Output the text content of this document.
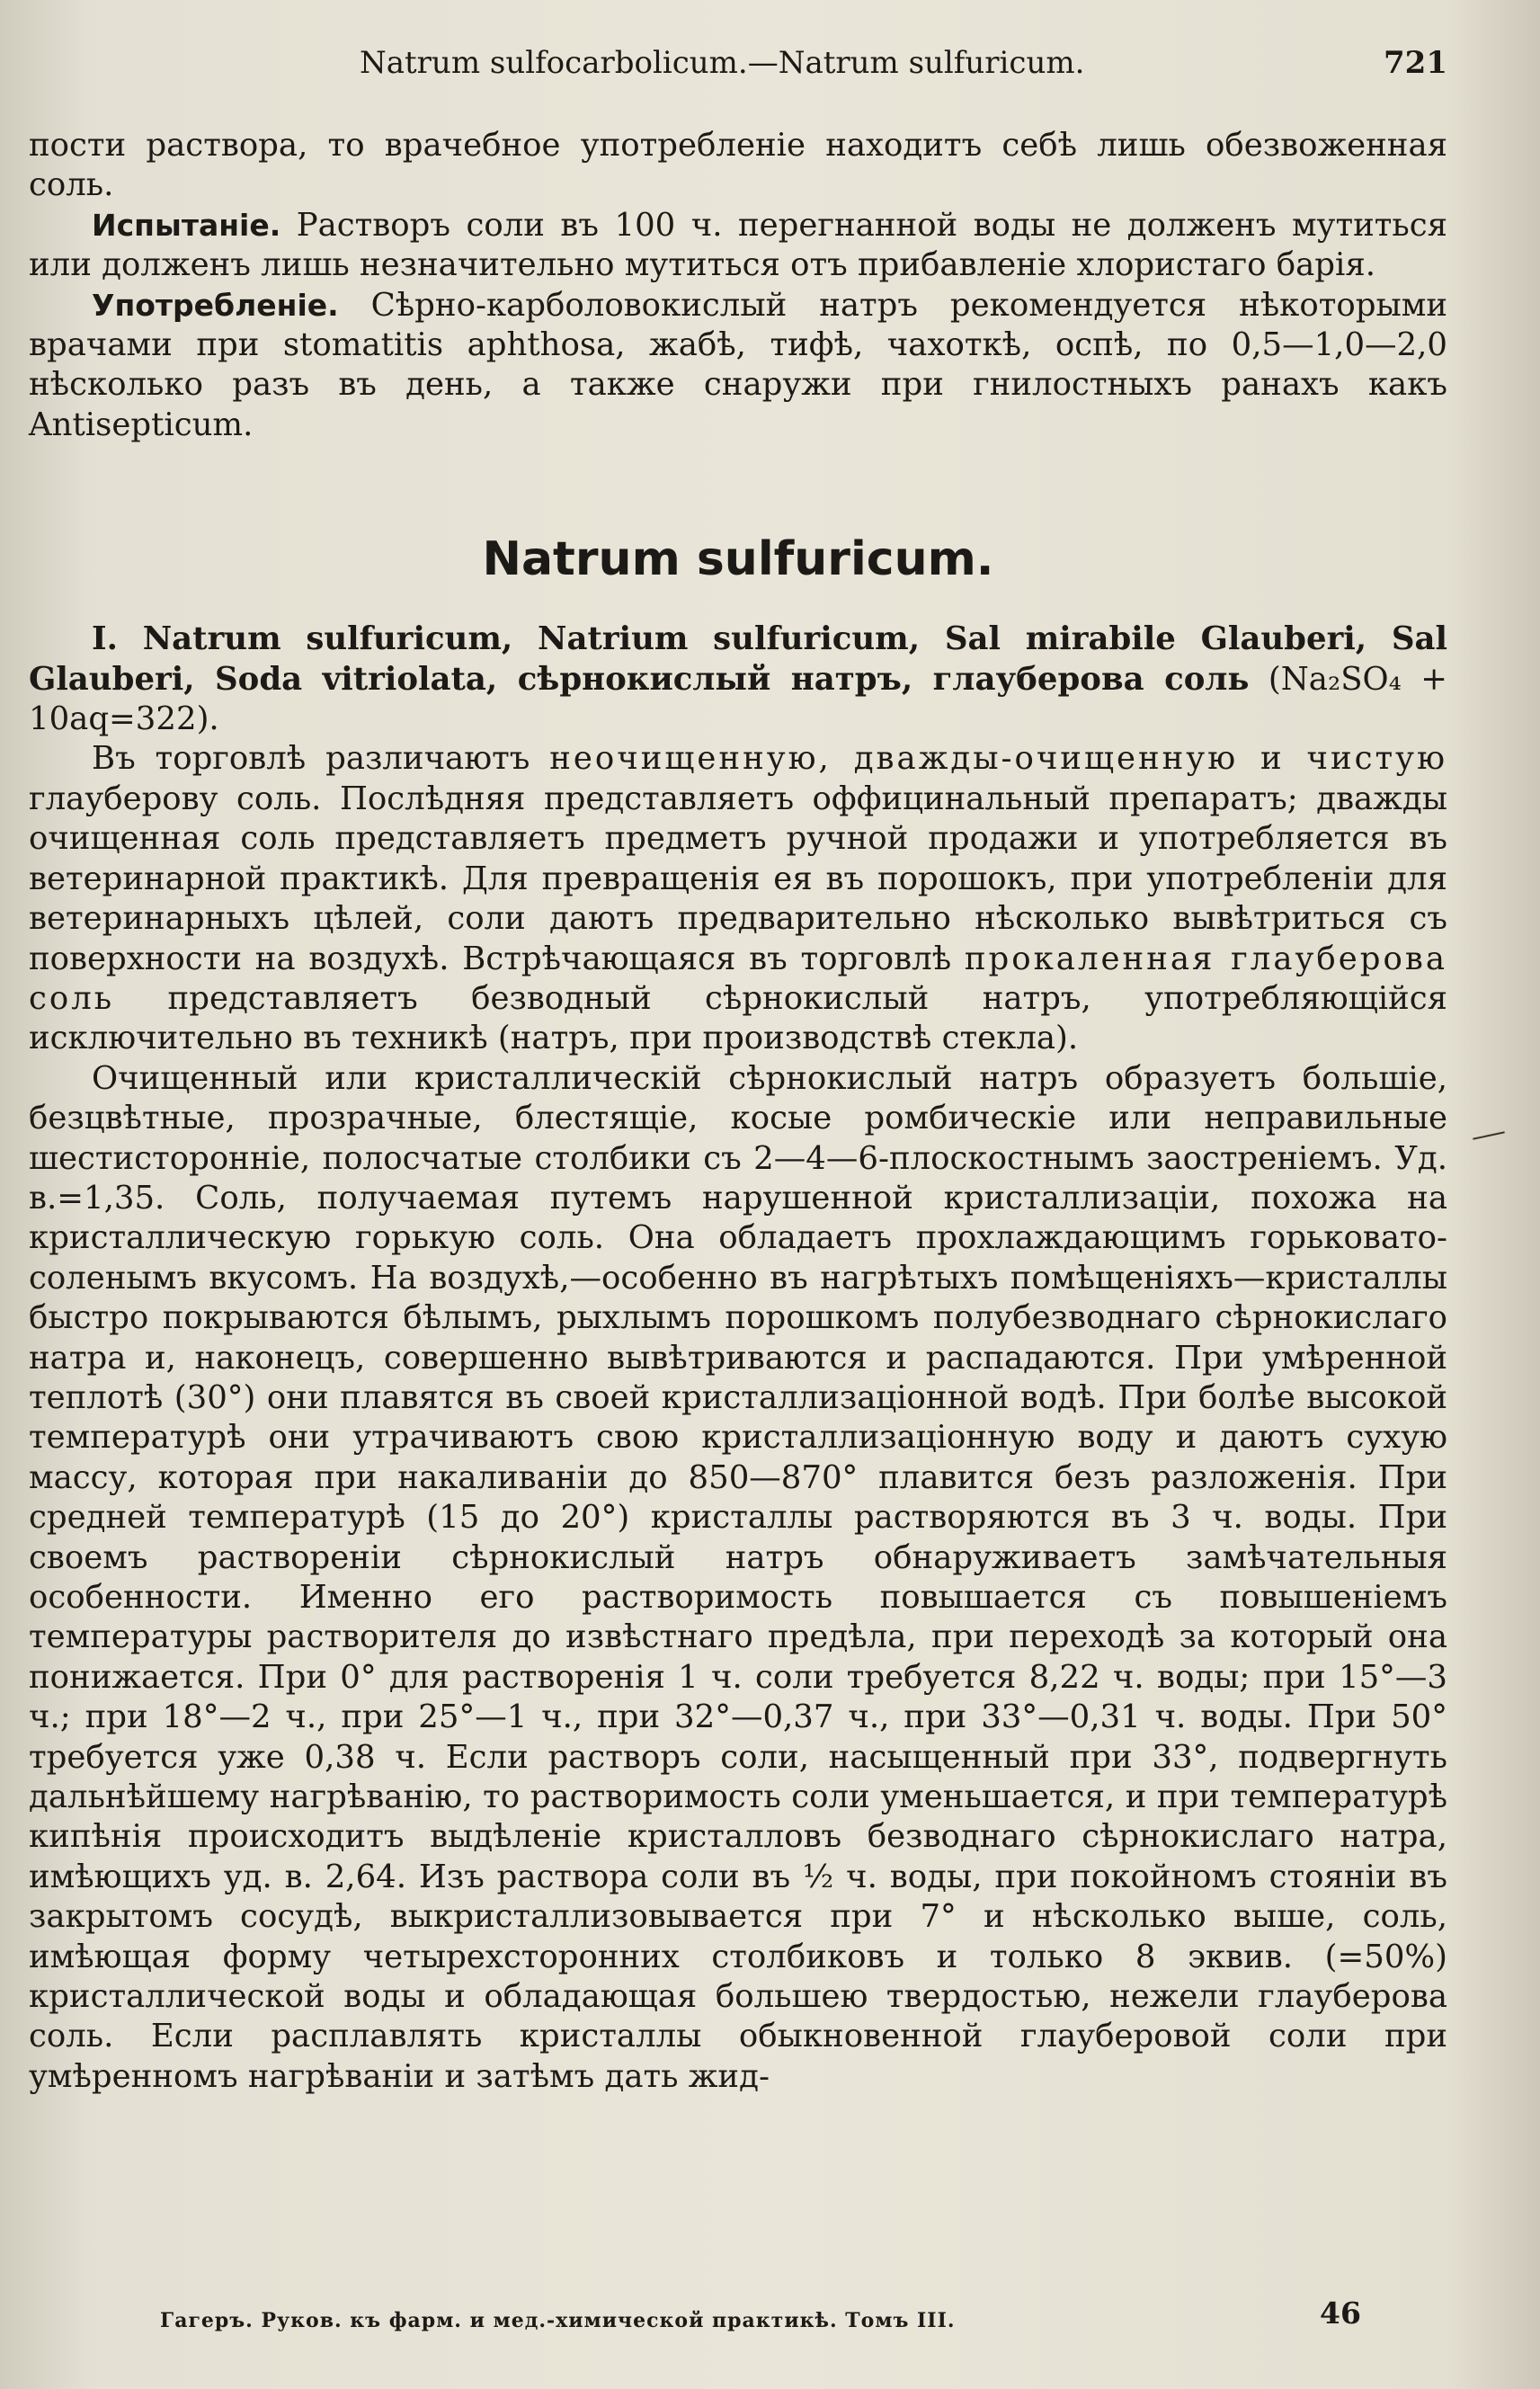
Natrum sulfocarbolicum.—Natrum sulfuricum.	721

пости раствора, то врачебное употребленіе находитъ себѣ лишь обезвоженная соль.

Испытаніе. Растворъ соли въ 100 ч. перегнанной воды не долженъ мутиться или долженъ лишь незначительно мутиться отъ прибавленіе хлористаго барія.

Употребленіе. Сѣрно-карболовокислый натръ рекомендуется нѣкоторыми врачами при stomatitis aphthosa, жабѣ, тифѣ, чахоткѣ, оспѣ, по 0,5—1,0—2,0 нѣсколько разъ въ день, а также снаружи при гнилостныхъ ранахъ какъ Antisepticum.

Natrum sulfuricum.

I. Natrum sulfuricum, Natrium sulfuricum, Sal mirabile Glauberi, Sal Glauberi, Soda vitriolata, сѣрнокислый натръ, глауберова соль (Na₂SO₄ + 10aq=322).

Въ торговлѣ различаютъ неочищенную, дважды-очищенную и чистую глауберову соль. Послѣдняя представляетъ оффицинальный препаратъ; дважды очищенная соль представляетъ предметъ ручной продажи и употребляется въ ветеринарной практикѣ. Для превращенія ея въ порошокъ, при употребленіи для ветеринарныхъ цѣлей, соли даютъ предварительно нѣсколько вывѣтриться съ поверхности на воздухѣ. Встрѣчающаяся въ торговлѣ прокаленная глауберова соль представляетъ безводный сѣрнокислый натръ, употребляющійся исключительно въ техникѣ (натръ, при производствѣ стекла).

Очищенный или кристаллическій сѣрнокислый натръ образуетъ большіе, безцвѣтные, прозрачные, блестящіе, косые ромбическіе или неправильные шестисторонніе, полосчатые столбики съ 2—4—6-плоскостнымъ заостреніемъ. Уд. в.=1,35. Соль, получаемая путемъ нарушенной кристаллизаціи, похожа на кристаллическую горькую соль. Она обладаетъ прохлаждающимъ горьковато-соленымъ вкусомъ. На воздухѣ,—особенно въ нагрѣтыхъ помѣщеніяхъ—кристаллы быстро покрываются бѣлымъ, рыхлымъ порошкомъ полубезводнаго сѣрнокислаго натра и, наконецъ, совершенно вывѣтриваются и распадаются. При умѣренной теплотѣ (30°) они плавятся въ своей кристаллизаціонной водѣ. При болѣе высокой температурѣ они утрачиваютъ свою кристаллизаціонную воду и даютъ сухую массу, которая при накаливаніи до 850—870° плавится безъ разложенія. При средней температурѣ (15 до 20°) кристаллы растворяются въ 3 ч. воды. При своемъ раствореніи сѣрнокислый натръ обнаруживаетъ замѣчательныя особенности. Именно его растворимость повышается съ повышеніемъ температуры растворителя до извѣстнаго предѣла, при переходѣ за который она понижается. При 0° для растворенія 1 ч. соли требуется 8,22 ч. воды; при 15°—3 ч.; при 18°—2 ч., при 25°—1 ч., при 32°—0,37 ч., при 33°—0,31 ч. воды. При 50° требуется уже 0,38 ч. Если растворъ соли, насыщенный при 33°, подвергнуть дальнѣйшему нагрѣванію, то растворимость соли уменьшается, и при температурѣ кипѣнія происходитъ выдѣленіе кристалловъ безводнаго сѣрнокислаго натра, имѣющихъ уд. в. 2,64. Изъ раствора соли въ ½ ч. воды, при покойномъ стояніи въ закрытомъ сосудѣ, выкристаллизовывается при 7° и нѣсколько выше, соль, имѣющая форму четырехсторонних столбиковъ и только 8 эквив. (=50%) кристаллической воды и обладающая большею твердостью, нежели глауберова соль. Если расплавлять кристаллы обыкновенной глауберовой соли при умѣренномъ нагрѣваніи и затѣмъ дать жид-

Гагеръ. Руков. къ фарм. и мед.-химической практикѣ. Томъ III.	46
